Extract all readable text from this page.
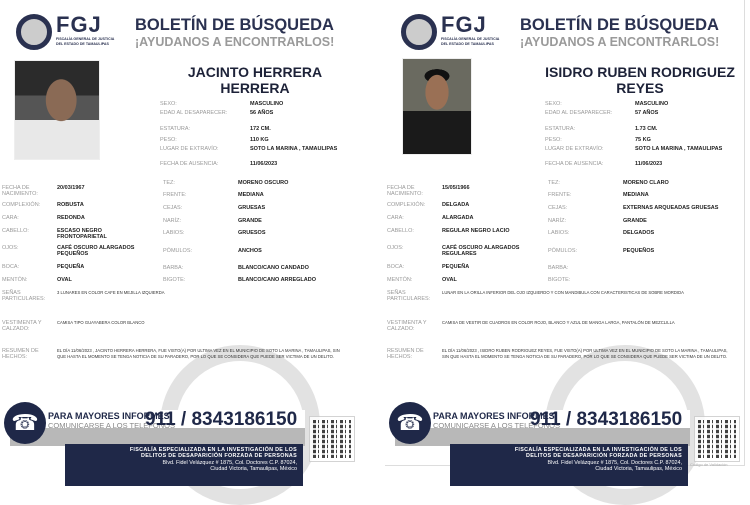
FGJ
FISCALÍA GENERAL DE JUSTICIA DEL ESTADO DE TAMAULIPAS
BOLETÍN DE BÚSQUEDA
¡AYUDANOS A ENCONTRARLOS!
JACINTO HERRERA
HERRERA
SEXO:	MASCULINO
EDAD AL DESAPARECER:	56 AÑOS
ESTATURA:	172 CM.
PESO:	110 KG
LUGAR DE EXTRAVÍO:	SOTO LA MARINA , TAMAULIPAS
FECHA DE AUSENCIA:	11/06/2023
FECHA DE NACIMIENTO:
20/03/1967
COMPLEXIÓN:	ROBUSTA
CARA:	REDONDA
CABELLO:	ESCASO NEGRO FRONTOPARIETAL
OJOS:	CAFÉ OSCURO ALARGADOS PEQUEÑOS
BOCA:	PEQUEÑA
MENTÓN:	OVAL
TEZ:	MORENO OSCURO
FRENTE:	MEDIANA
CEJAS:	GRUESAS
NARÍZ:	GRANDE
LABIOS:	GRUESOS
PÓMULOS:	ANCHOS
BARBA:	BLANCO/CANO CANDADO
BIGOTE:	BLANCO/CANO ARREGLADO
SEÑAS PARTICULARES:
3 LUNARES EN COLOR CAFE EN MEJILLA IZQUIERDA
VESTIMENTA Y CALZADO:
CAMISA TIPO GUAYABERA COLOR BLANCO
RESUMEN DE HECHOS:
EL DÍA 11/06/2023 , JACINTO HERRERA HERRERA, FUE VISTO(A) POR ULTIMA VEZ EN EL MUNICIPIO DE SOTO LA MARINA , TAMAULIPAS, SIN QUE HASTA EL MOMENTO SE TENGA NOTICIA DE SU PARADERO, POR LO QUE SE CONSIDERA QUE PUEDE SER VICTIMA DE UN DELITO.
☎	PARA MAYORES INFORMES,
COMUNICARSE A LOS TELÉFONOS
911 / 8343186150
FISCALÍA ESPECIALIZADA EN LA INVESTIGACIÓN DE LOS
DELITOS DE DESAPARICIÓN FORZADA DE PERSONAS
Blvd. Fidel Velázquez # 1875, Col. Doctores C.P. 87024,
Ciudad Victoria, Tamaulipas, México
FGJ
FISCALÍA GENERAL DE JUSTICIA DEL ESTADO DE TAMAULIPAS
BOLETÍN DE BÚSQUEDA
¡AYUDANOS A ENCONTRARLOS!
ISIDRO RUBEN RODRIGUEZ
REYES
SEXO:	MASCULINO
EDAD AL DESAPARECER:	57 AÑOS
ESTATURA:	1.73 CM.
PESO:	75 KG
LUGAR DE EXTRAVÍO:	SOTO LA MARINA , TAMAULIPAS
FECHA DE AUSENCIA:	11/06/2023
FECHA DE NACIMIENTO:
15/05/1966
COMPLEXIÓN:	DELGADA
CARA:	ALARGADA
CABELLO:	REGULAR NEGRO LACIO
OJOS:	CAFÉ OSCURO ALARGADOS REGULARES
BOCA:	PEQUEÑA
MENTÓN:	OVAL
TEZ:	MORENO CLARO
FRENTE:	MEDIANA
CEJAS:	EXTERNAS ARQUEADAS GRUESAS
NARÍZ:	GRANDE
LABIOS:	DELGADOS
PÓMULOS:	PEQUEÑOS
BARBA:
BIGOTE:
SEÑAS PARTICULARES:
LUNAR EN LA ORILLA INFERIOR DEL OJO IZQUIERDO Y CON MANDIBULA CON CARACTERISTICAS DE SOBRE MORDIDA
VESTIMENTA Y CALZADO:
CAMISA DE VESTIR DE CUADROS EN COLOR ROJO, BLANCO Y AZUL DE MANGA LARGA, PANTALÓN DE MEZCLILLA
RESUMEN DE HECHOS:
EL DÍA 11/06/2023 , ISIDRO RUBEN RODRIGUEZ REYES, FUE VISTO(A) POR ULTIMA VEZ EN EL MUNICIPIO DE SOTO LA MARINA , TAMAULIPAS, SIN QUE HASTA EL MOMENTO SE TENGA NOTICIA DE SU PARADERO, POR LO QUE SE CONSIDERA QUE PUEDE SER VICTIMA DE UN DELITO.
☎	PARA MAYORES INFORMES,
COMUNICARSE A LOS TELÉFONOS
911 / 8343186150
FISCALÍA ESPECIALIZADA EN LA INVESTIGACIÓN DE LOS
DELITOS DE DESAPARICIÓN FORZADA DE PERSONAS
Blvd. Fidel Velázquez # 1875, Col. Doctores C.P. 87024,
Ciudad Victoria, Tamaulipas, México
Código de Validación
